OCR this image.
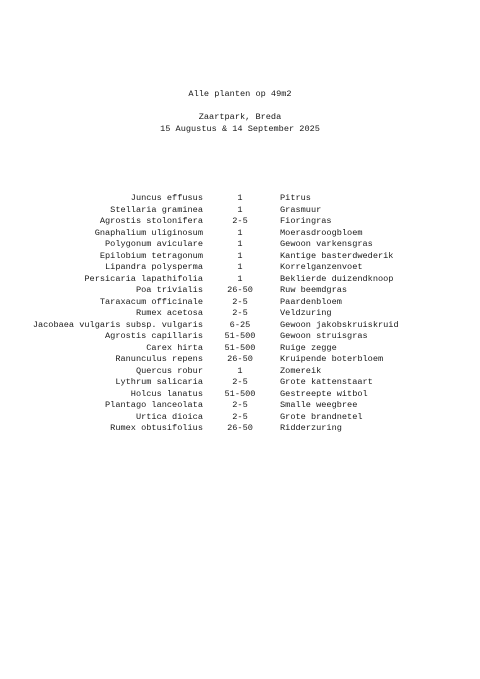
Alle planten op 49m2
Zaartpark, Breda
15 Augustus & 14 September 2025
Juncus effusus	1	Pitrus
Stellaria graminea	1	Grasmuur
Agrostis stolonifera	2-5	Fioringras
Gnaphalium uliginosum	1	Moerasdroogbloem
Polygonum aviculare	1	Gewoon varkensgras
Epilobium tetragonum	1	Kantige basterdwederik
Lipandra polysperma	1	Korrelganzenvoet
Persicaria lapathifolia	1	Beklierde duizendknoop
Poa trivialis	26-50	Ruw beemdgras
Taraxacum officinale	2-5	Paardenbloem
Rumex acetosa	2-5	Veldzuring
Jacobaea vulgaris subsp. vulgaris	6-25	Gewoon jakobskruiskruid
Agrostis capillaris	51-500	Gewoon struisgras
Carex hirta	51-500	Ruige zegge
Ranunculus repens	26-50	Kruipende boterbloem
Quercus robur	1	Zomereik
Lythrum salicaria	2-5	Grote kattenstaart
Holcus lanatus	51-500	Gestreepte witbol
Plantago lanceolata	2-5	Smalle weegbree
Urtica dioica	2-5	Grote brandnetel
Rumex obtusifolius	26-50	Ridderzuring
